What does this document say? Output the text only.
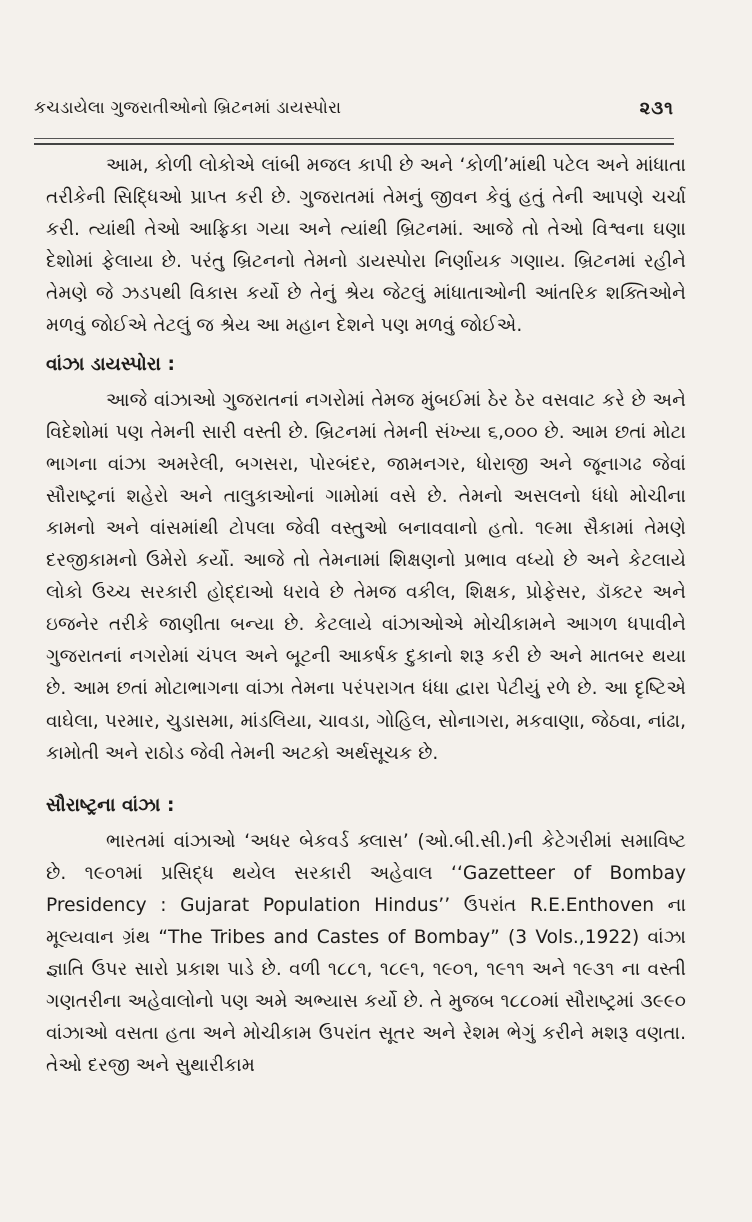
કચડાયેલા ગુજરાતીઓનો બ્રિટનમાં ડાયસ્પોરા	૨૩૧

આમ, કોળી લોકોએ લાંબી મજલ કાપી છે અને ‘કોળી’માંથી પટેલ અને માંધાતા તરીકેની સિદ્ધિઓ પ્રાપ્ત કરી છે. ગુજરાતમાં તેમનું જીવન કેવું હતું તેની આપણે ચર્ચા કરી. ત્યાંથી તેઓ આફ્રિકા ગયા અને ત્યાંથી બ્રિટનમાં. આજે તો તેઓ વિશ્વના ઘણા દેશોમાં ફેલાયા છે. પરંતુ બ્રિટનનો તેમનો ડાયસ્પોરા નિર્ણાયક ગણાય. બ્રિટનમાં રહીને તેમણે જે ઝડપથી વિકાસ કર્યો છે તેનું શ્રેય જેટલું માંધાતાઓની આંતરિક શક્તિઓને મળવું જોઈએ તેટલું જ શ્રેય આ મહાન દેશને પણ મળવું જોઈએ.

વાંઝા ડાયસ્પોરા :

આજે વાંઝાઓ ગુજરાતનાં નગરોમાં તેમજ મુંબઈમાં ઠેર ઠેર વસવાટ કરે છે અને વિદેશોમાં પણ તેમની સારી વસ્તી છે. બ્રિટનમાં તેમની સંખ્યા ૬,૦૦૦ છે. આમ છતાં મોટા ભાગના વાંઝા અમરેલી, બગસરા, પોરબંદર, જામનગર, ધોરાજી અને જૂનાગઢ જેવાં સૌરાષ્ટ્રનાં શહેરો અને તાલુકાઓનાં ગામોમાં વસે છે. તેમનો અસલનો ધંધો મોચીના કામનો અને વાંસમાંથી ટોપલા જેવી વસ્તુઓ બનાવવાનો હતો. ૧૯મા સૈકામાં તેમણે દરજીકામનો ઉમેરો કર્યો. આજે તો તેમનામાં શિક્ષણનો પ્રભાવ વધ્યો છે અને કેટલાયે લોકો ઉચ્ચ સરકારી હોદ્દાઓ ધરાવે છે તેમજ વકીલ, શિક્ષક, પ્રોફેસર, ડૉક્ટર અને ઇજનેર તરીકે જાણીતા બન્યા છે. કેટલાયે વાંઝાઓએ મોચીકામને આગળ ધપાવીને ગુજરાતનાં નગરોમાં ચંપલ અને બૂટની આકર્ષક દુકાનો શરૂ કરી છે અને માતબર થયા છે. આમ છતાં મોટાભાગના વાંઝા તેમના પરંપરાગત ધંધા દ્વારા પેટીયું રળે છે. આ દૃષ્ટિએ વાઘેલા, પરમાર, ચુડાસમા, માંડલિયા, ચાવડા, ગોહિલ, સોનાગરા, મકવાણા, જેઠવા, નાંઢા, કામોતી અને રાઠોડ જેવી તેમની અટકો અર્થસૂચક છે.

સૌરાષ્ટ્રના વાંઝા :

ભારતમાં વાંઝાઓ ‘અધર બેકવર્ડ ક્લાસ’ (ઓ.બી.સી.)ની કેટેગરીમાં સમાવિષ્ટ છે. ૧૯૦૧માં પ્રસિદ્ધ થયેલ સરકારી અહેવાલ ‘‘Gazetteer of Bombay Presidency : Gujarat Population Hindus’’ ઉપરાંત R.E.Enthoven ના મૂલ્યવાન ગ્રંથ “The Tribes and Castes of Bombay” (3 Vols.,1922) વાંઝા જ્ઞાતિ ઉપર સારો પ્રકાશ પાડે છે. વળી ૧૮૮૧, ૧૮૯૧, ૧૯૦૧, ૧૯૧૧ અને ૧૯૩૧ ના વસ્તી ગણતરીના અહેવાલોનો પણ અમે અભ્યાસ કર્યો છે. તે મુજબ ૧૮૮૦માં સૌરાષ્ટ્રમાં ૩૯૯૦ વાંઝાઓ વસતા હતા અને મોચીકામ ઉપરાંત સૂતર અને રેશમ ભેગું કરીને મશરૂ વણતા. તેઓ દરજી અને સુથારીકામ
